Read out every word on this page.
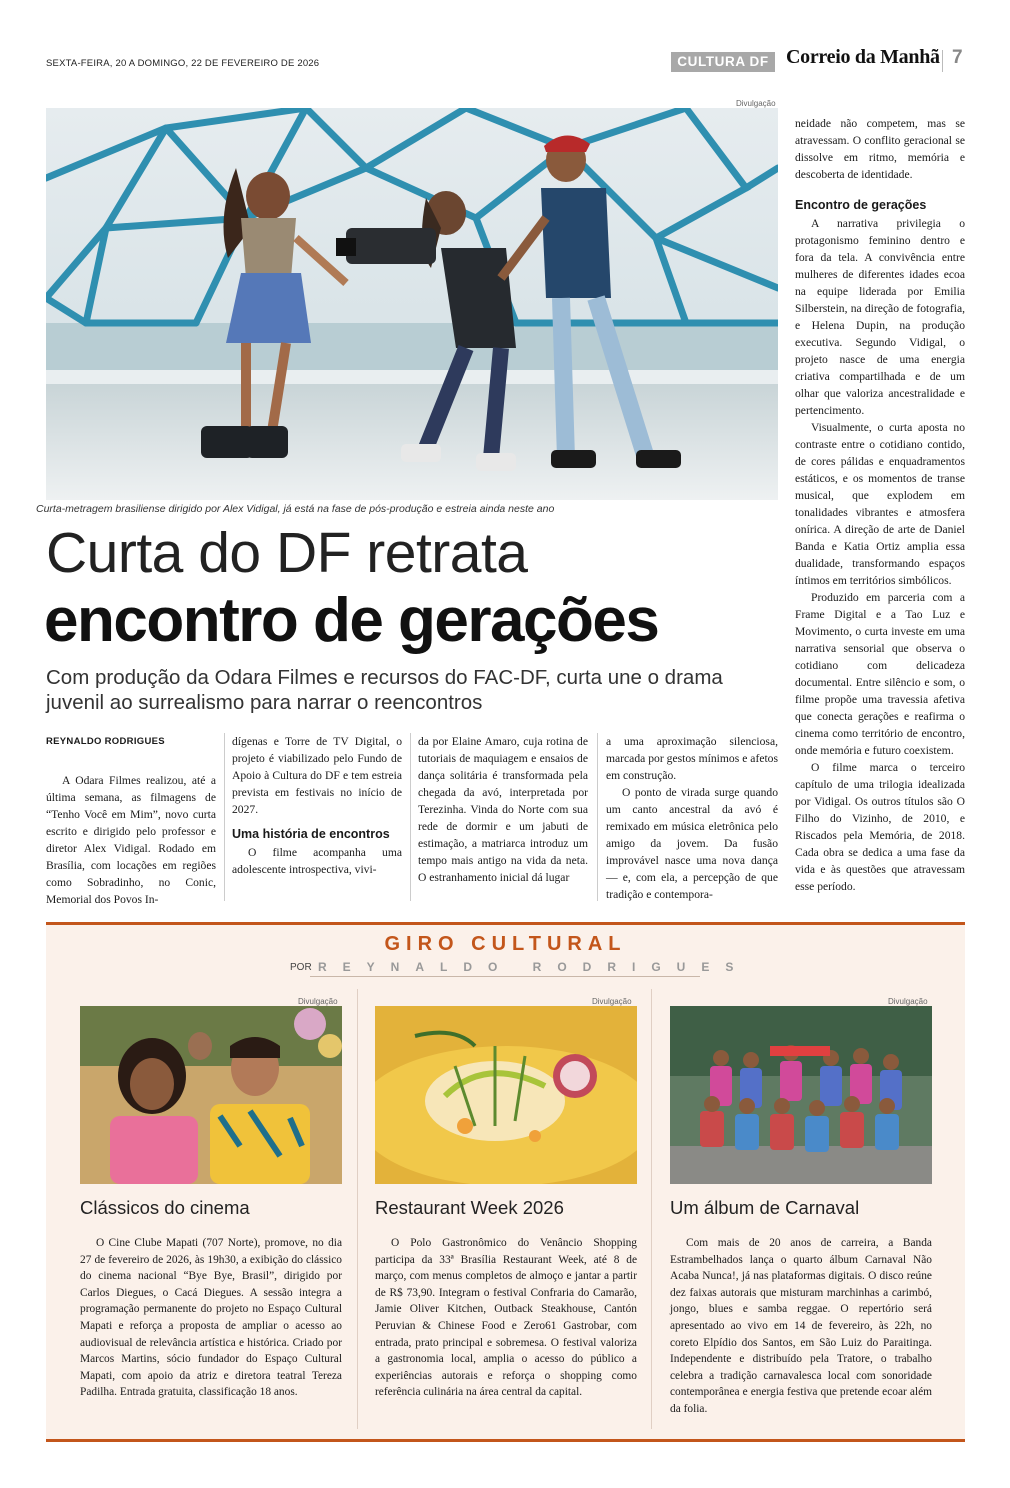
SEXTA-FEIRA, 20 A DOMINGO, 22 DE FEVEREIRO DE 2026	CULTURA DF Correio da Manhã 7
Divulgação
Curta-metragem brasiliense dirigido por Alex Vidigal, já está na fase de pós-produção e estreia ainda neste ano
Curta do DF retrata
encontro de gerações
Com produção da Odara Filmes e recursos do FAC-DF, curta une o drama juvenil ao surrealismo para narrar o reencontros
REYNALDO RODRIGUES

A Odara Filmes realizou, até a última semana, as filmagens de “Tenho Você em Mim”, novo curta escrito e dirigido pelo professor e diretor Alex Vidigal. Rodado em Brasília, com locações em regiões como Sobradinho, no Conic, Memorial dos Povos In-

dígenas e Torre de TV Digital, o projeto é viabilizado pelo Fundo de Apoio à Cultura do DF e tem estreia prevista em festivais no início de 2027.

Uma história de encontros

O filme acompanha uma adolescente introspectiva, vivi-

da por Elaine Amaro, cuja rotina de tutoriais de maquiagem e ensaios de dança solitária é transformada pela chegada da avó, interpretada por Terezinha. Vinda do Norte com sua rede de dormir e um jabuti de estimação, a matriarca introduz um tempo mais antigo na vida da neta. O estranhamento inicial dá lugar

a uma aproximação silenciosa, marcada por gestos mínimos e afetos em construção.

O ponto de virada surge quando um canto ancestral da avó é remixado em música eletrônica pelo amigo da jovem. Da fusão improvável nasce uma nova dança — e, com ela, a percepção de que tradição e contempora-

neidade não competem, mas se atravessam. O conflito geracional se dissolve em ritmo, memória e descoberta de identidade.

Encontro de gerações

A narrativa privilegia o protagonismo feminino dentro e fora da tela. A convivência entre mulheres de diferentes idades ecoa na equipe liderada por Emilia Silberstein, na direção de fotografia, e Helena Dupin, na produção executiva. Segundo Vidigal, o projeto nasce de uma energia criativa compartilhada e de um olhar que valoriza ancestralidade e pertencimento.

Visualmente, o curta aposta no contraste entre o cotidiano contido, de cores pálidas e enquadramentos estáticos, e os momentos de transe musical, que explodem em tonalidades vibrantes e atmosfera onírica. A direção de arte de Daniel Banda e Katia Ortiz amplia essa dualidade, transformando espaços íntimos em territórios simbólicos.

Produzido em parceria com a Frame Digital e a Tao Luz e Movimento, o curta investe em uma narrativa sensorial que observa o cotidiano com delicadeza documental. Entre silêncio e som, o filme propõe uma travessia afetiva que conecta gerações e reafirma o cinema como território de encontro, onde memória e futuro coexistem.

O filme marca o terceiro capítulo de uma trilogia idealizada por Vidigal. Os outros títulos são O Filho do Vizinho, de 2010, e Riscados pela Memória, de 2018. Cada obra se dedica a uma fase da vida e às questões que atravessam esse período.

GIRO CULTURAL
POR REYNALDO RODRIGUES
Divulgação
Clássicos do cinema
O Cine Clube Mapati (707 Norte), promove, no dia 27 de fevereiro de 2026, às 19h30, a exibição do clássico do cinema nacional “Bye Bye, Brasil”, dirigido por Carlos Diegues, o Cacá Diegues. A sessão integra a programação permanente do projeto no Espaço Cultural Mapati e reforça a proposta de ampliar o acesso ao audiovisual de relevância artística e histórica. Criado por Marcos Martins, sócio fundador do Espaço Cultural Mapati, com apoio da atriz e diretora teatral Tereza Padilha. Entrada gratuita, classificação 18 anos.
Divulgação
Restaurant Week 2026
O Polo Gastronômico do Venâncio Shopping participa da 33ª Brasília Restaurant Week, até 8 de março, com menus completos de almoço e jantar a partir de R$ 73,90. Integram o festival Confraria do Camarão, Jamie Oliver Kitchen, Outback Steakhouse, Cantón Peruvian & Chinese Food e Zero61 Gastrobar, com entrada, prato principal e sobremesa. O festival valoriza a gastronomia local, amplia o acesso do público a experiências autorais e reforça o shopping como referência culinária na área central da capital.
Divulgação
Um álbum de Carnaval
Com mais de 20 anos de carreira, a Banda Estrambelhados lança o quarto álbum Carnaval Não Acaba Nunca!, já nas plataformas digitais. O disco reúne dez faixas autorais que misturam marchinhas a carimbó, jongo, blues e samba reggae. O repertório será apresentado ao vivo em 14 de fevereiro, às 22h, no coreto Elpídio dos Santos, em São Luiz do Paraitinga. Independente e distribuído pela Tratore, o trabalho celebra a tradição carnavalesca local com sonoridade contemporânea e energia festiva que pretende ecoar além da folia.
